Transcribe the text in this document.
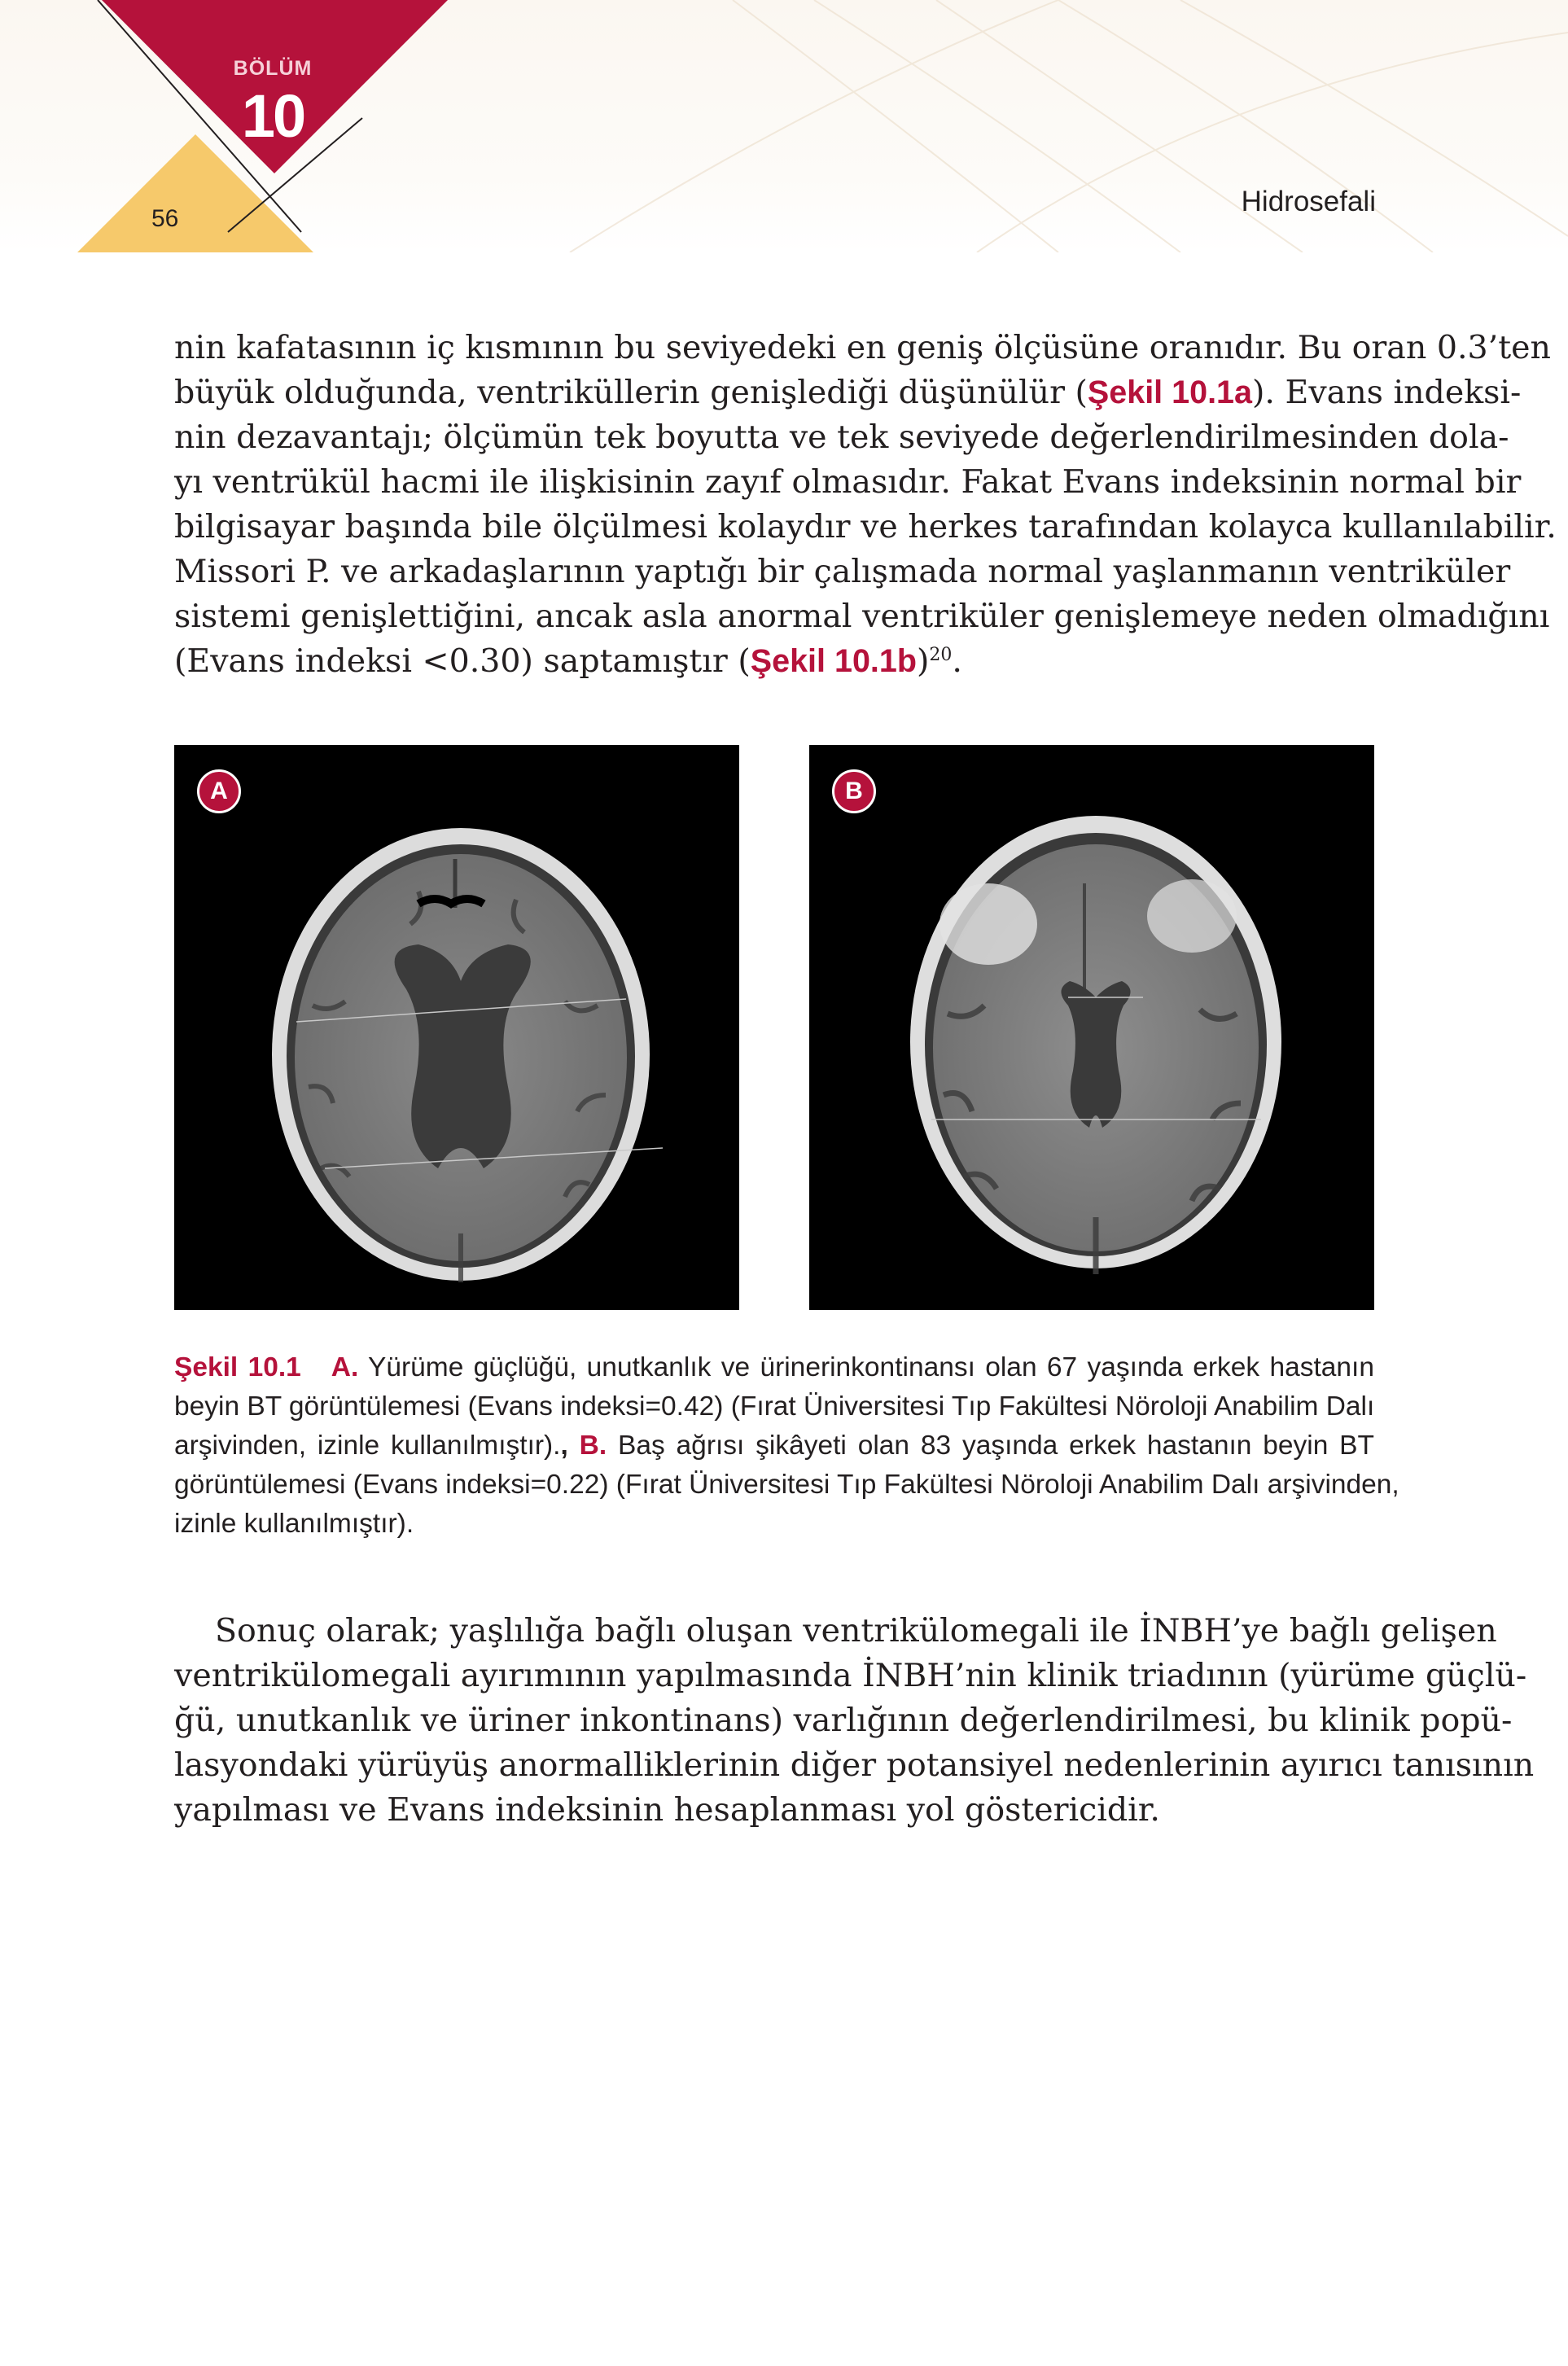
BÖLÜM
10
56
Hidrosefali

nin kafatasının iç kısmının bu seviyedeki en geniş ölçüsüne oranıdır. Bu oran 0.3’ten
büyük olduğunda, ventriküllerin genişlediği düşünülür (Şekil 10.1a). Evans indeksi-
nin dezavantajı; ölçümün tek boyutta ve tek seviyede değerlendirilmesinden dola-
yı ventrükül hacmi ile ilişkisinin zayıf olmasıdır. Fakat Evans indeksinin normal bir
bilgisayar başında bile ölçülmesi kolaydır ve herkes tarafından kolayca kullanılabilir.
Missori P. ve arkadaşlarının yaptığı bir çalışmada normal yaşlanmanın ventriküler
sistemi genişlettiğini, ancak asla anormal ventriküler genişlemeye neden olmadığını
(Evans indeksi <0.30) saptamıştır (Şekil 10.1b)$^{20}$.

A	B

Şekil 10.1 A. Yürüme güçlüğü, unutkanlık ve ürinerinkontinansı olan 67 yaşında erkek hastanın
beyin BT görüntülemesi (Evans indeksi=0.42) (Fırat Üniversitesi Tıp Fakültesi Nöroloji Anabilim Dalı
arşivinden, izinle kullanılmıştır)., B. Baş ağrısı şikâyeti olan 83 yaşında erkek hastanın beyin BT
görüntülemesi (Evans indeksi=0.22) (Fırat Üniversitesi Tıp Fakültesi Nöroloji Anabilim Dalı arşivinden,
izinle kullanılmıştır).

Sonuç olarak; yaşlılığa bağlı oluşan ventrikülomegali ile İNBH’ye bağlı gelişen
ventrikülomegali ayırımının yapılmasında İNBH’nin klinik triadının (yürüme güçlü-
ğü, unutkanlık ve üriner inkontinans) varlığının değerlendirilmesi, bu klinik popü-
lasyondaki yürüyüş anormalliklerinin diğer potansiyel nedenlerinin ayırıcı tanısının
yapılması ve Evans indeksinin hesaplanması yol göstericidir.
